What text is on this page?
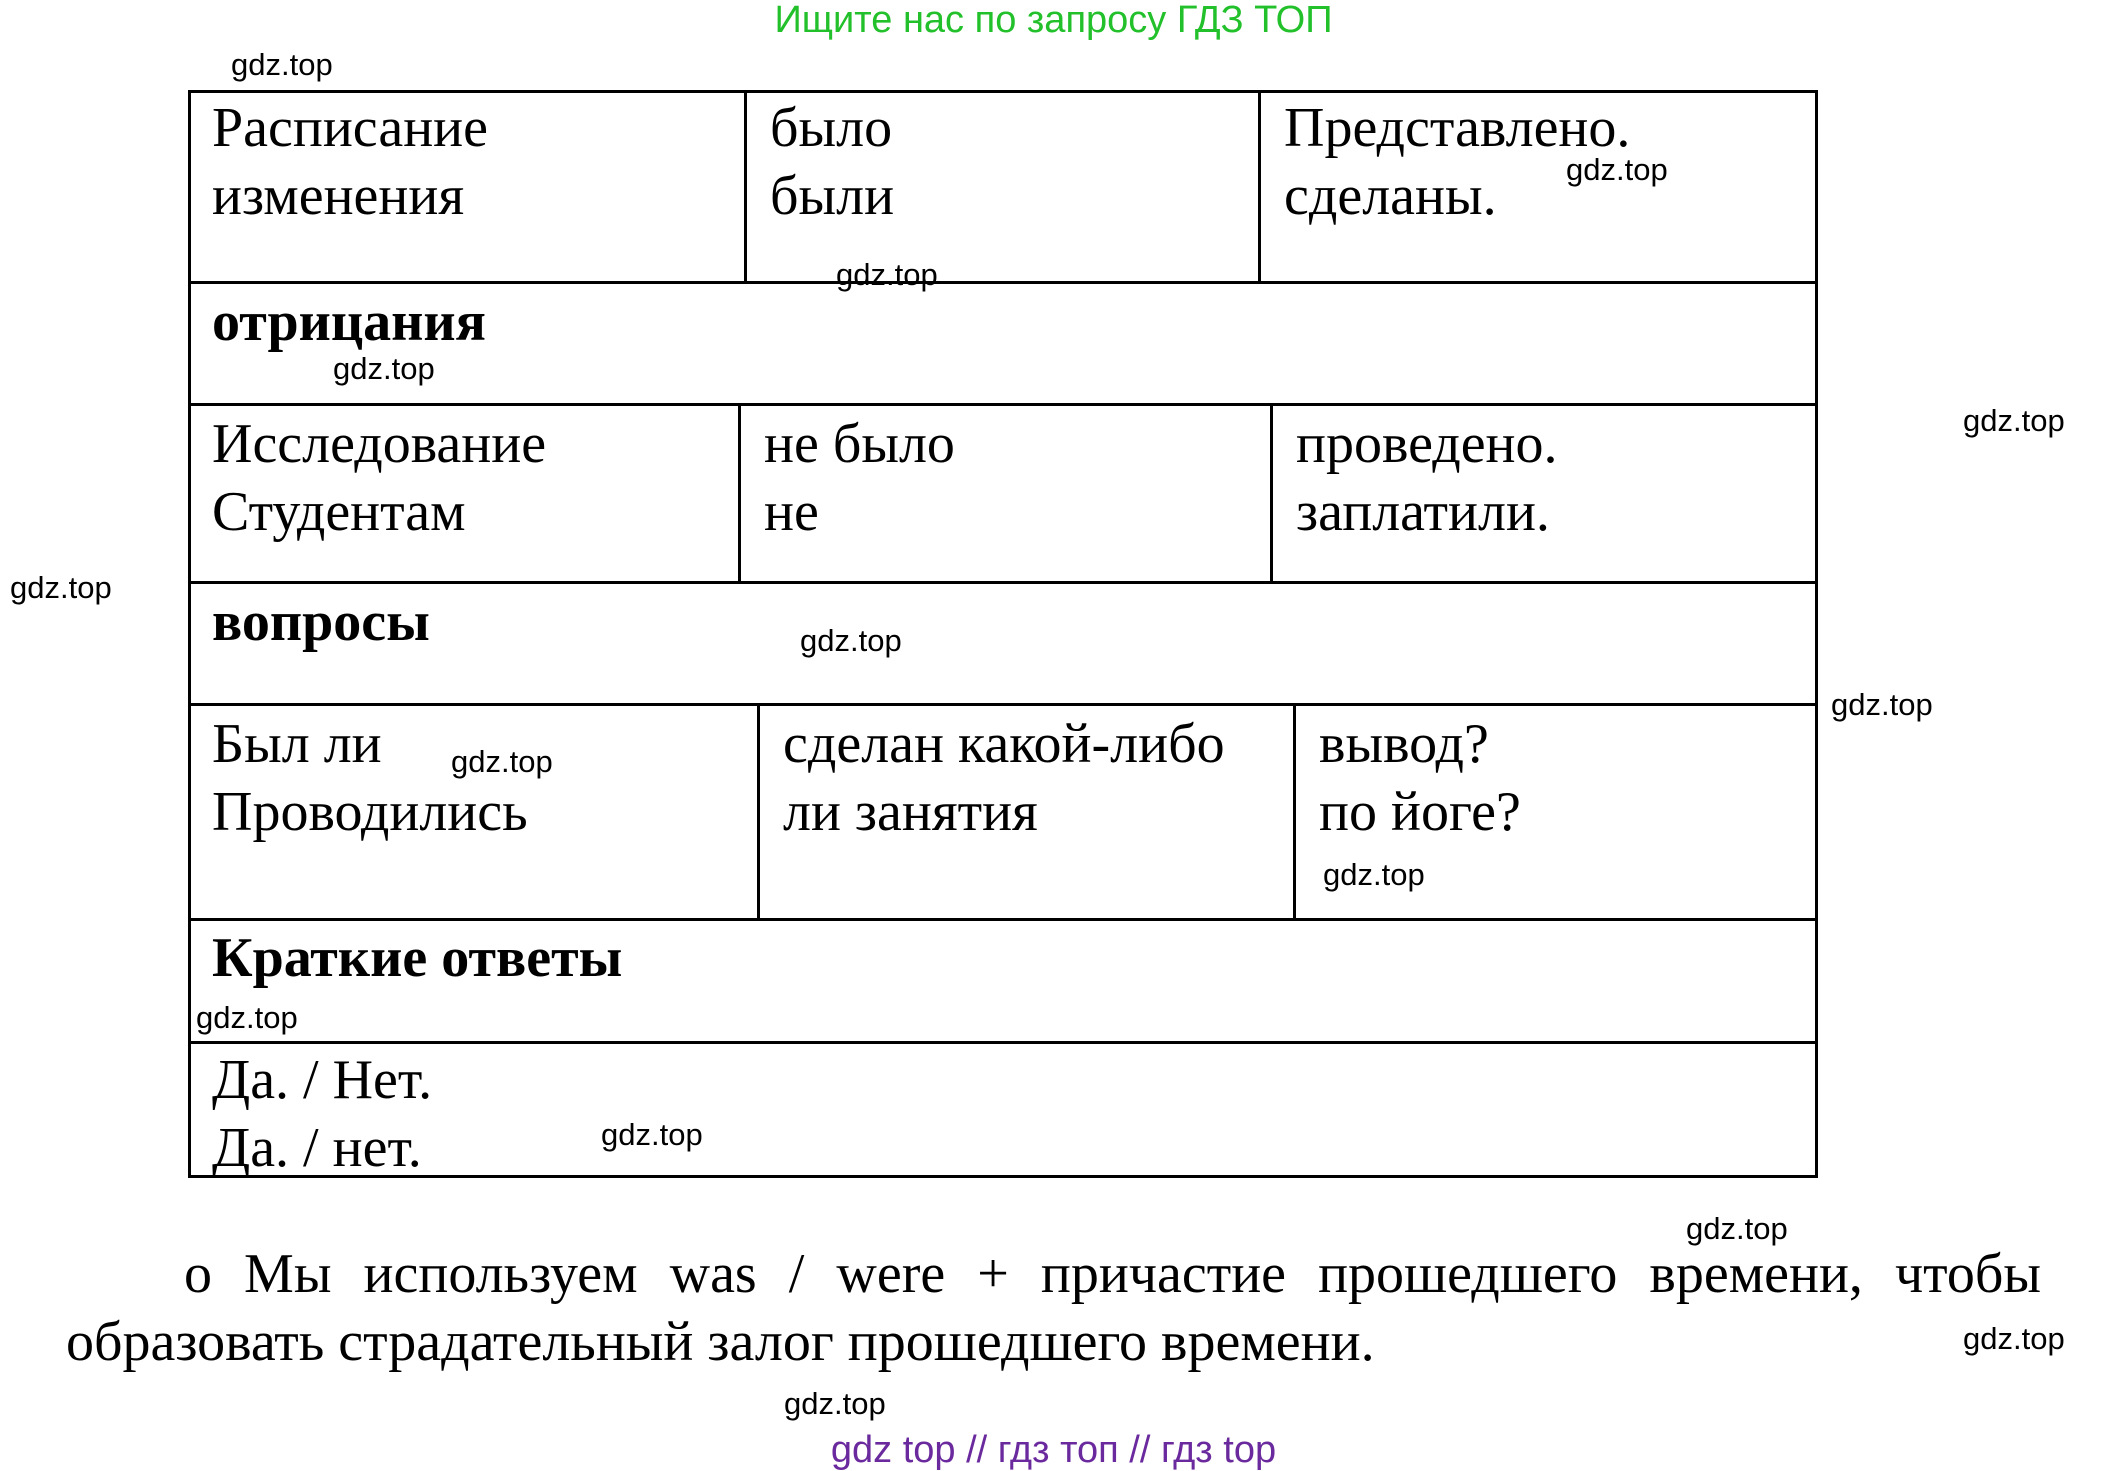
Ищите нас по запросу ГДЗ ТОП
Расписание
изменения
было
были
Представлено.
сделаны.
отрицания
Исследование
Студентам
не было
не
проведено.
заплатили.
вопросы
Был ли
Проводились
сделан какой-либо
ли занятия
вывод?
по йоге?
Краткие ответы
Да. / Нет.
Да. / нет.
о Мы используем was / were + причастие прошедшего времени, чтобы
образовать страдательный залог прошедшего времени.
gdz.top
gdz.top
gdz.top
gdz.top
gdz.top
gdz.top
gdz.top
gdz.top
gdz.top
gdz.top
gdz.top
gdz.top
gdz.top
gdz.top
gdz.top
gdz top // гдз топ // гдз top
